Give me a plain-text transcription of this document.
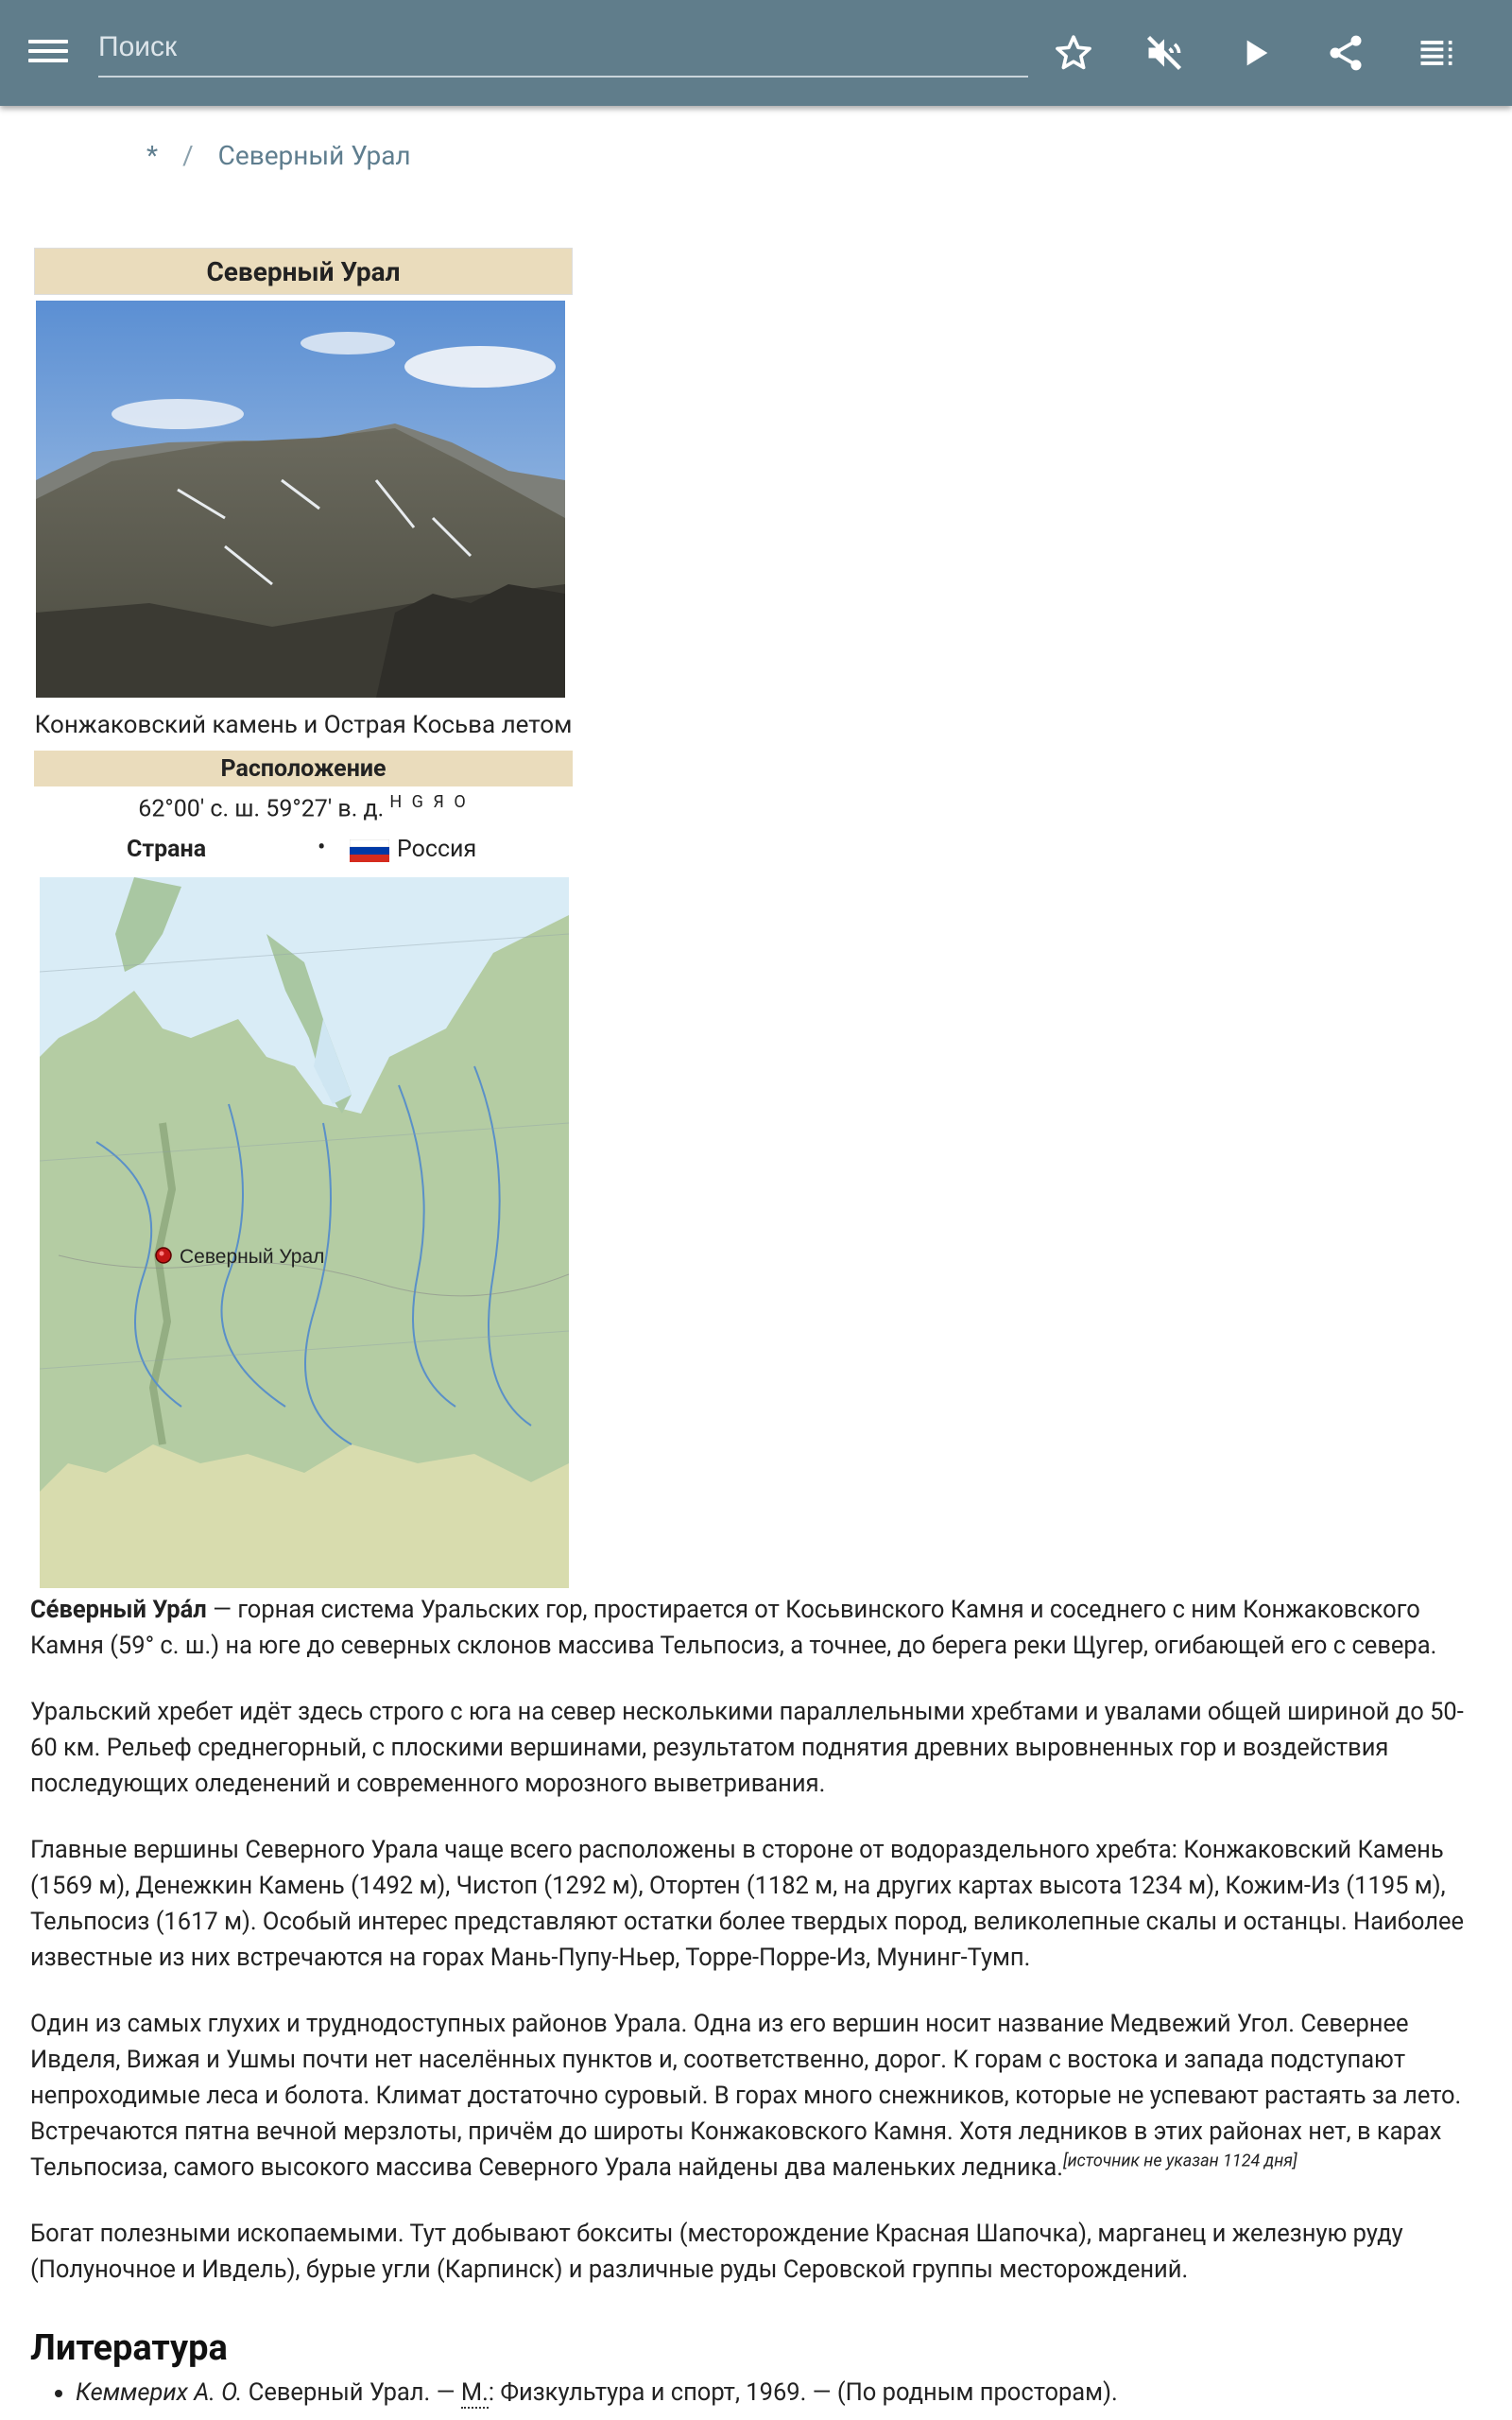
Поиск
* / Северный Урал
Северный Урал
Конжаковский камень и Острая Косьва летом
Расположение
62°00′ с. ш. 59°27′ в. д. $^{H G Я O}$
Страна	•	Россия
Северный Урал

Се́верный Ура́л — горная система Уральских гор, простирается от Косьвинского Камня и соседнего с ним Конжаковского Камня (59° с. ш.) на юге до северных склонов массива Тельпосиз, а точнее, до берега реки Щугер, огибающей его с севера.

Уральский хребет идёт здесь строго с юга на север несколькими параллельными хребтами и увалами общей шириной до 50-60 км. Рельеф среднегорный, с плоскими вершинами, результатом поднятия древних выровненных гор и воздействия последующих оледенений и современного морозного выветривания.

Главные вершины Северного Урала чаще всего расположены в стороне от водораздельного хребта: Конжаковский Камень (1569 м), Денежкин Камень (1492 м), Чистоп (1292 м), Отортен (1182 м, на других картах высота 1234 м), Кожим-Из (1195 м), Тельпосиз (1617 м). Особый интерес представляют остатки более твердых пород, великолепные скалы и останцы. Наиболее известные из них встречаются на горах Мань-Пупу-Ньер, Торре-Порре-Из, Мунинг-Тумп.

Один из самых глухих и труднодоступных районов Урала. Одна из его вершин носит название Медвежий Угол. Севернее Ивделя, Вижая и Ушмы почти нет населённых пунктов и, соответственно, дорог. К горам с востока и запада подступают непроходимые леса и болота. Климат достаточно суровый. В горах много снежников, которые не успевают растаять за лето. Встречаются пятна вечной мерзлоты, причём до широты Конжаковского Камня. Хотя ледников в этих районах нет, в карах Тельпосиза, самого высокого массива Северного Урала найдены два маленьких ледника.[источник не указан 1124 дня]

Богат полезными ископаемыми. Тут добывают бокситы (месторождение Красная Шапочка), марганец и железную руду (Полуночное и Ивдель), бурые угли (Карпинск) и различные руды Серовской группы месторождений.

Литература
• Кеммерих А. О. Северный Урал. — М.: Физкультура и спорт, 1969. — (По родным просторам).
